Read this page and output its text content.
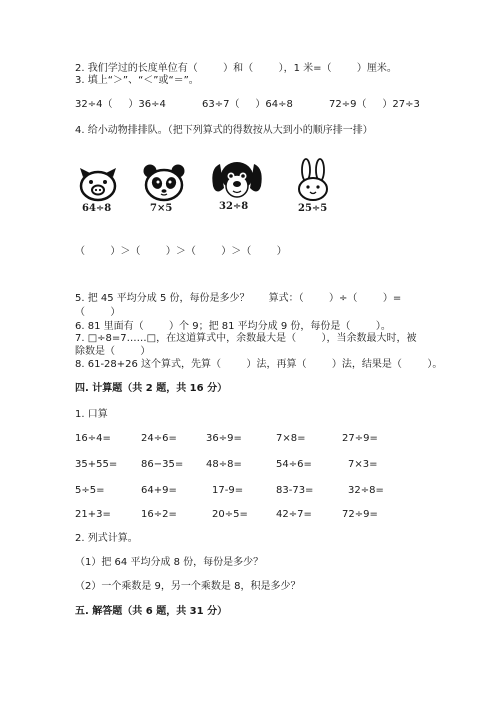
2. 我们学过的长度单位有（        ）和（        ），1 米=（        ）厘米。
3. 填上“＞”、“＜”或“＝”。
32÷4（     ）36÷4	63÷7（     ）64÷8	72÷9（     ）27÷3
4. 给小动物排排队。（把下列算式的得数按从大到小的顺序排一排）
64÷8	7×5	32÷8	25÷5
（        ）＞（        ）＞（        ）＞（        ）
5. 把 45 平均分成 5 份，每份是多少？      算式：（        ）÷（        ）=
（        ）
6. 81 里面有（        ）个 9；把 81 平均分成 9 份，每份是（        ）。
7. □÷8=7……□，在这道算式中，余数最大是（        ），当余数最大时，被
除数是（        ）
8. 61-28+26 这个算式，先算（        ）法，再算（        ）法，结果是（        ）。
四. 计算题（共 2 题，共 16 分）
1. 口算
16÷4=	24÷6=	36÷9=	7×8=	27÷9=
35+55= 86−35= 48÷8=	54÷6=	7×3=
5÷5=	64+9=	17-9=	83-73=	32÷8=
21+3=	16÷2=	20÷5=	42÷7=	72÷9=
2. 列式计算。
（1）把 64 平均分成 8 份，每份是多少？
（2）一个乘数是 9，另一个乘数是 8，积是多少？
五. 解答题（共 6 题，共 31 分）
